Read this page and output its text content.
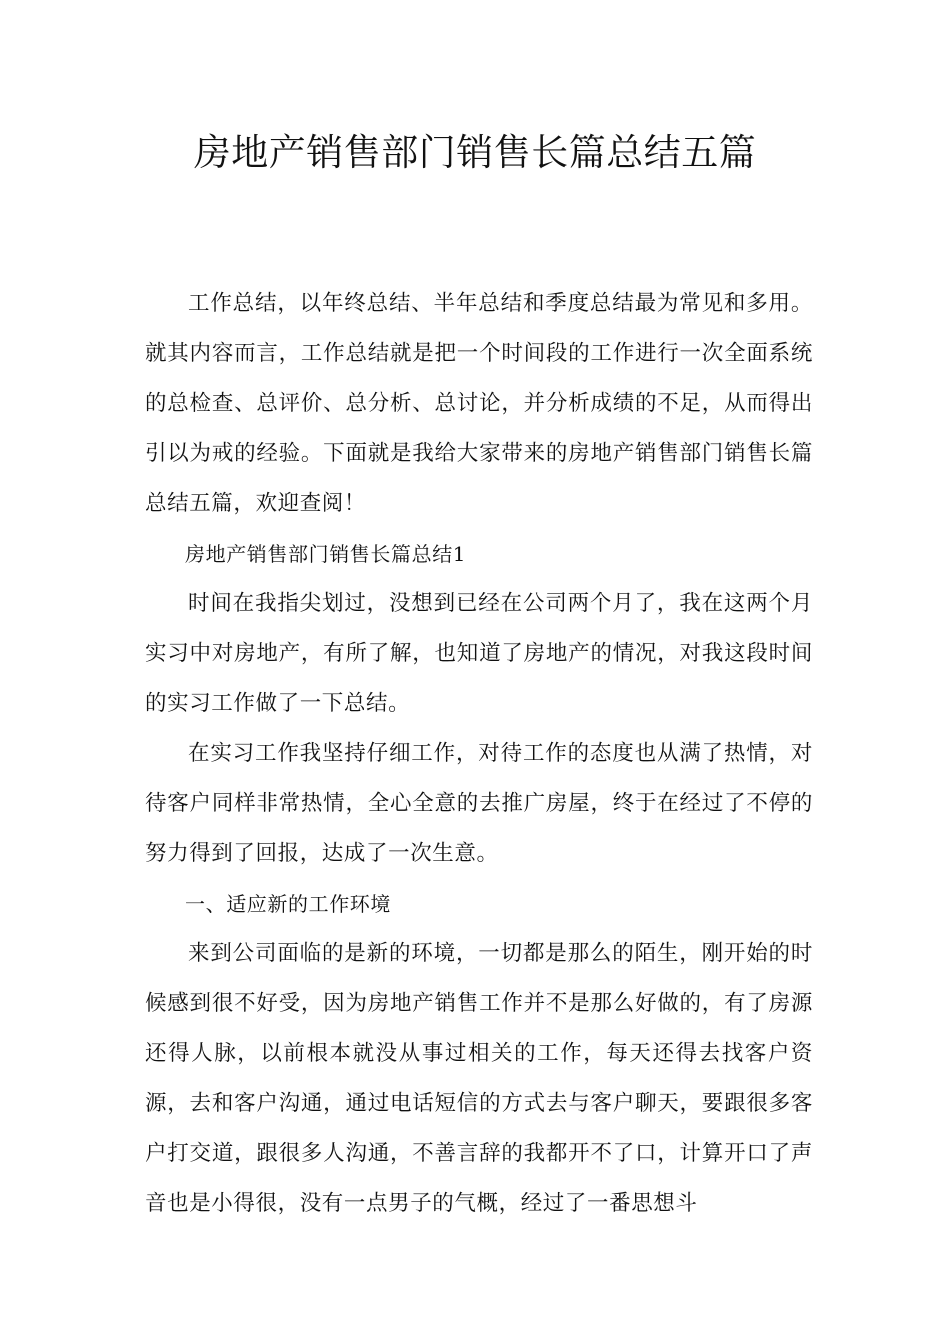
房地产销售部门销售长篇总结五篇

工作总结，以年终总结、半年总结和季度总结最为常见和多用。就其内容而言，工作总结就是把一个时间段的工作进行一次全面系统的总检查、总评价、总分析、总讨论，并分析成绩的不足，从而得出引以为戒的经验。下面就是我给大家带来的房地产销售部门销售长篇总结五篇，欢迎查阅！

房地产销售部门销售长篇总结1

时间在我指尖划过，没想到已经在公司两个月了，我在这两个月实习中对房地产，有所了解，也知道了房地产的情况，对我这段时间的实习工作做了一下总结。

在实习工作我坚持仔细工作，对待工作的态度也从满了热情，对待客户同样非常热情，全心全意的去推广房屋，终于在经过了不停的努力得到了回报，达成了一次生意。

一、适应新的工作环境

来到公司面临的是新的环境，一切都是那么的陌生，刚开始的时候感到很不好受，因为房地产销售工作并不是那么好做的，有了房源还得人脉，以前根本就没从事过相关的工作，每天还得去找客户资源，去和客户沟通，通过电话短信的方式去与客户聊天，要跟很多客户打交道，跟很多人沟通，不善言辞的我都开不了口，计算开口了声音也是小得很，没有一点男子的气概，经过了一番思想斗
